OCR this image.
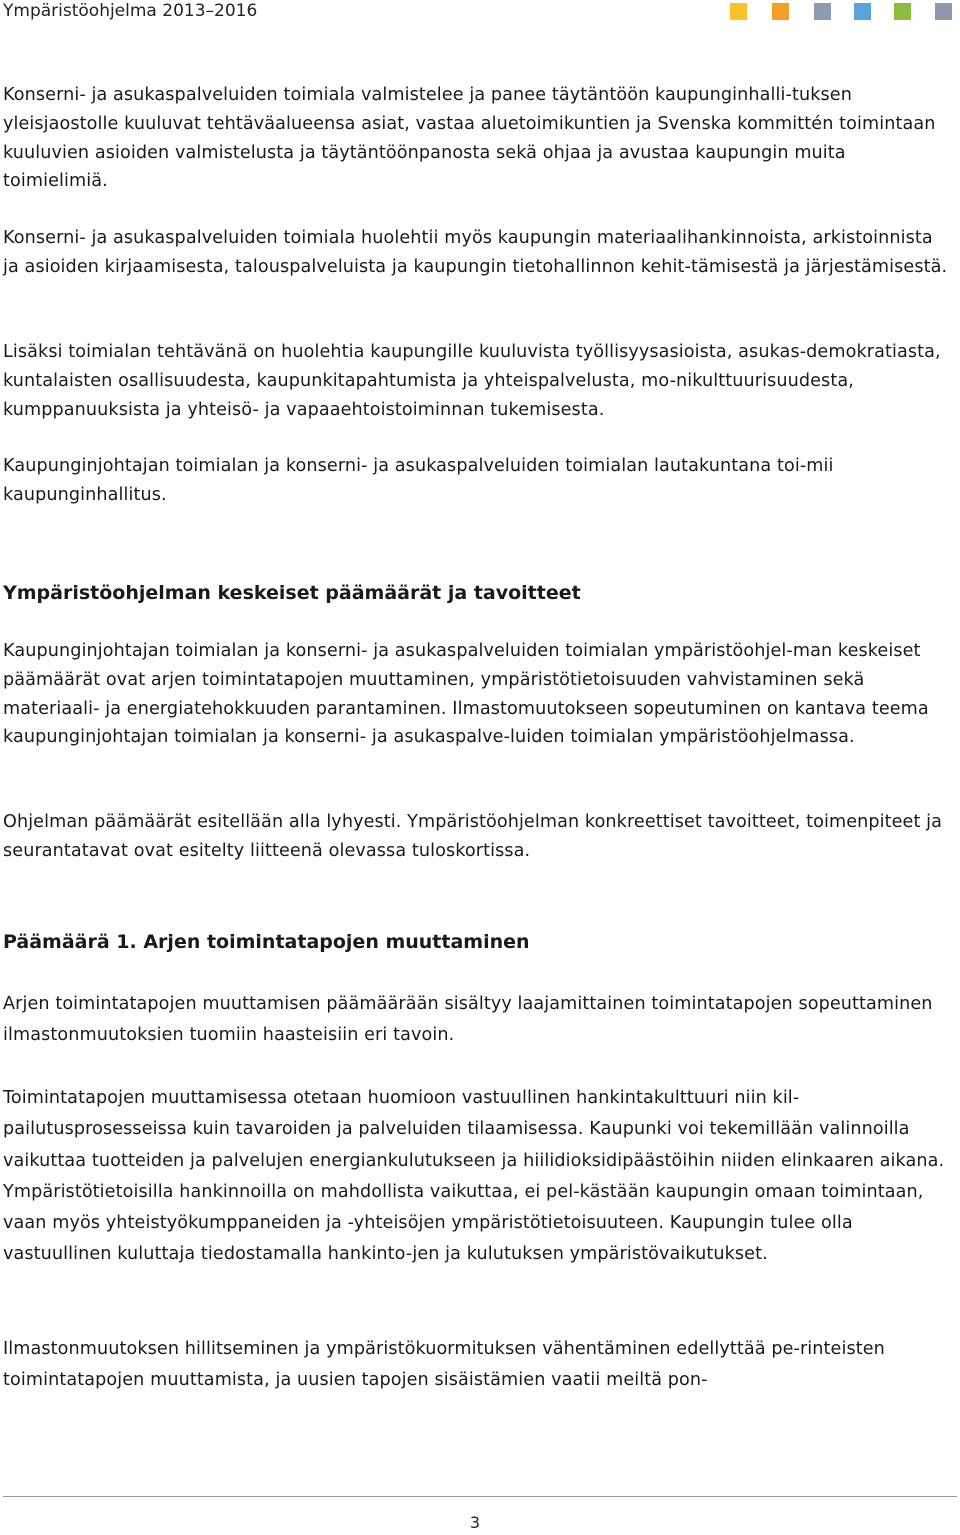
Ympäristöohjelma 2013–2016

Konserni- ja asukaspalveluiden toimiala valmistelee ja panee täytäntöön kaupunginhalli-tuksen yleisjaostolle kuuluvat tehtäväalueensa asiat, vastaa aluetoimikuntien ja Svenska kommittén toimintaan kuuluvien asioiden valmistelusta ja täytäntöönpanosta sekä ohjaa ja avustaa kaupungin muita toimielimiä.

Konserni- ja asukaspalveluiden toimiala huolehtii myös kaupungin materiaalihankinnoista, arkistoinnista ja asioiden kirjaamisesta, talouspalveluista ja kaupungin tietohallinnon kehit-tämisestä ja järjestämisestä.

Lisäksi toimialan tehtävänä on huolehtia kaupungille kuuluvista työllisyysasioista, asukas-demokratiasta, kuntalaisten osallisuudesta, kaupunkitapahtumista ja yhteispalvelusta, mo-nikulttuurisuudesta, kumppanuuksista ja yhteisö- ja vapaaehtoistoiminnan tukemisesta.

Kaupunginjohtajan toimialan ja konserni- ja asukaspalveluiden toimialan lautakuntana toi-mii kaupunginhallitus.

Ympäristöohjelman keskeiset päämäärät ja tavoitteet

Kaupunginjohtajan toimialan ja konserni- ja asukaspalveluiden toimialan ympäristöohjel-man keskeiset päämäärät ovat arjen toimintatapojen muuttaminen, ympäristötietoisuuden vahvistaminen sekä materiaali- ja energiatehokkuuden parantaminen. Ilmastomuutokseen sopeutuminen on kantava teema kaupunginjohtajan toimialan ja konserni- ja asukaspalve-luiden toimialan ympäristöohjelmassa.

Ohjelman päämäärät esitellään alla lyhyesti. Ympäristöohjelman konkreettiset tavoitteet, toimenpiteet ja seurantatavat ovat esitelty liitteenä olevassa tuloskortissa.

Päämäärä 1. Arjen toimintatapojen muuttaminen

Arjen toimintatapojen muuttamisen päämäärään sisältyy laajamittainen toimintatapojen sopeuttaminen ilmastonmuutoksien tuomiin haasteisiin eri tavoin.

Toimintatapojen muuttamisessa otetaan huomioon vastuullinen hankintakulttuuri niin kil-pailutusprosesseissa kuin tavaroiden ja palveluiden tilaamisessa. Kaupunki voi tekemillään valinnoilla vaikuttaa tuotteiden ja palvelujen energiankulutukseen ja hiilidioksidipäästöihin niiden elinkaaren aikana. Ympäristötietoisilla hankinnoilla on mahdollista vaikuttaa, ei pel-kästään kaupungin omaan toimintaan, vaan myös yhteistyökumppaneiden ja -yhteisöjen ympäristötietoisuuteen. Kaupungin tulee olla vastuullinen kuluttaja tiedostamalla hankinto-jen ja kulutuksen ympäristövaikutukset.

Ilmastonmuutoksen hillitseminen ja ympäristökuormituksen vähentäminen edellyttää pe-rinteisten toimintatapojen muuttamista, ja uusien tapojen sisäistämien vaatii meiltä pon-

3
